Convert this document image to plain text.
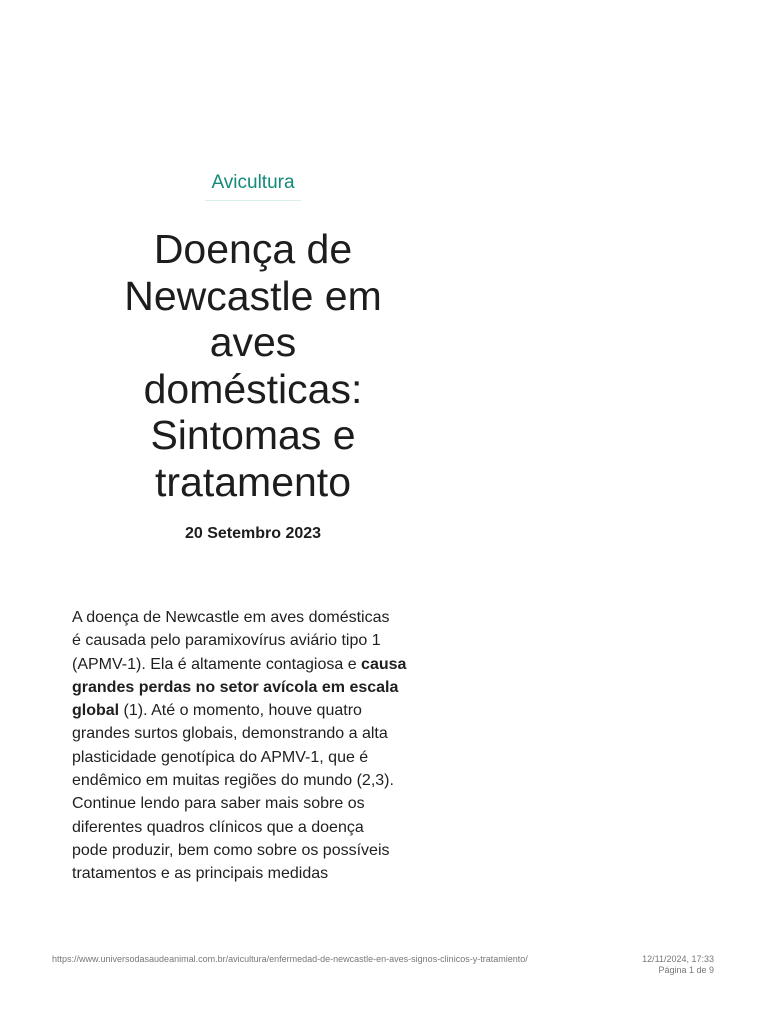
Avicultura
Doença de
Newcastle em
aves
domésticas:
Sintomas e
tratamento
20 Setembro 2023

A doença de Newcastle em aves domésticas
é causada pelo paramixovírus aviário tipo 1
(APMV-1). Ela é altamente contagiosa e causa
grandes perdas no setor avícola em escala
global (1). Até o momento, houve quatro
grandes surtos globais, demonstrando a alta
plasticidade genotípica do APMV-1, que é
endêmico em muitas regiões do mundo (2,3).
Continue lendo para saber mais sobre os
diferentes quadros clínicos que a doença
pode produzir, bem como sobre os possíveis
tratamentos e as principais medidas

https://www.universodasaudeanimal.com.br/avicultura/enfermedad-de-newcastle-en-aves-signos-clinicos-y-tratamiento/	12/11/2024, 17:33
Página 1 de 9
